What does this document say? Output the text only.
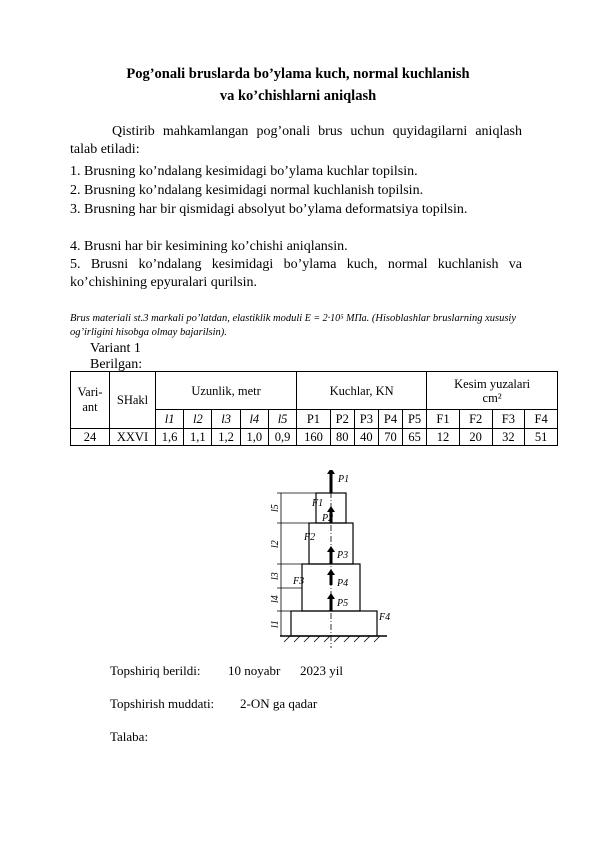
Pog’onali bruslarda bo’ylama kuch, normal kuchlanish
va ko’chishlarni aniqlash
Qistirib mahkamlangan pog’onali brus uchun quyidagilarni aniqlash talab etiladi:
1. Brusning ko’ndalang kesimidagi bo’ylama kuchlar topilsin.
2. Brusning ko’ndalang kesimidagi normal kuchlanish topilsin.
3. Brusning har bir qismidagi absolyut bo’ylama deformatsiya topilsin.
4. Brusni har bir kesimining ko’chishi aniqlansin.
5. Brusni ko’ndalang kesimidagi bo’ylama kuch, normal kuchlanish va ko’chishining epyuralari qurilsin.
Brus materiali st.3 markali po’latdan, elastiklik moduli E = 2·10⁵ MПa. (Hisoblashlar bruslarning xususiy og’irligini hisobga olmay bajarilsin).
Variant 1
Berilgan:
Vari-ant	SHakl	Uzunlik, metr					Kuchlar, KN					Kesim yuzalari
cm²			

		l1	l2	l3	l4	l5	P1	P2	P3	P4	P5	F1	F2	F3	F4
24	XXVI	1,6	1,1	1,2	1,0	0,9	160	80	40	70	65	12	20	32	51
P1
F1
P2
F2
P3
F3	P4
P5
F4
l5
l2
l3
l4
l1
Topshiriq berildi: 10 noyabr 2023 yil
Topshirish muddati: 2-ON ga qadar
Talaba:
